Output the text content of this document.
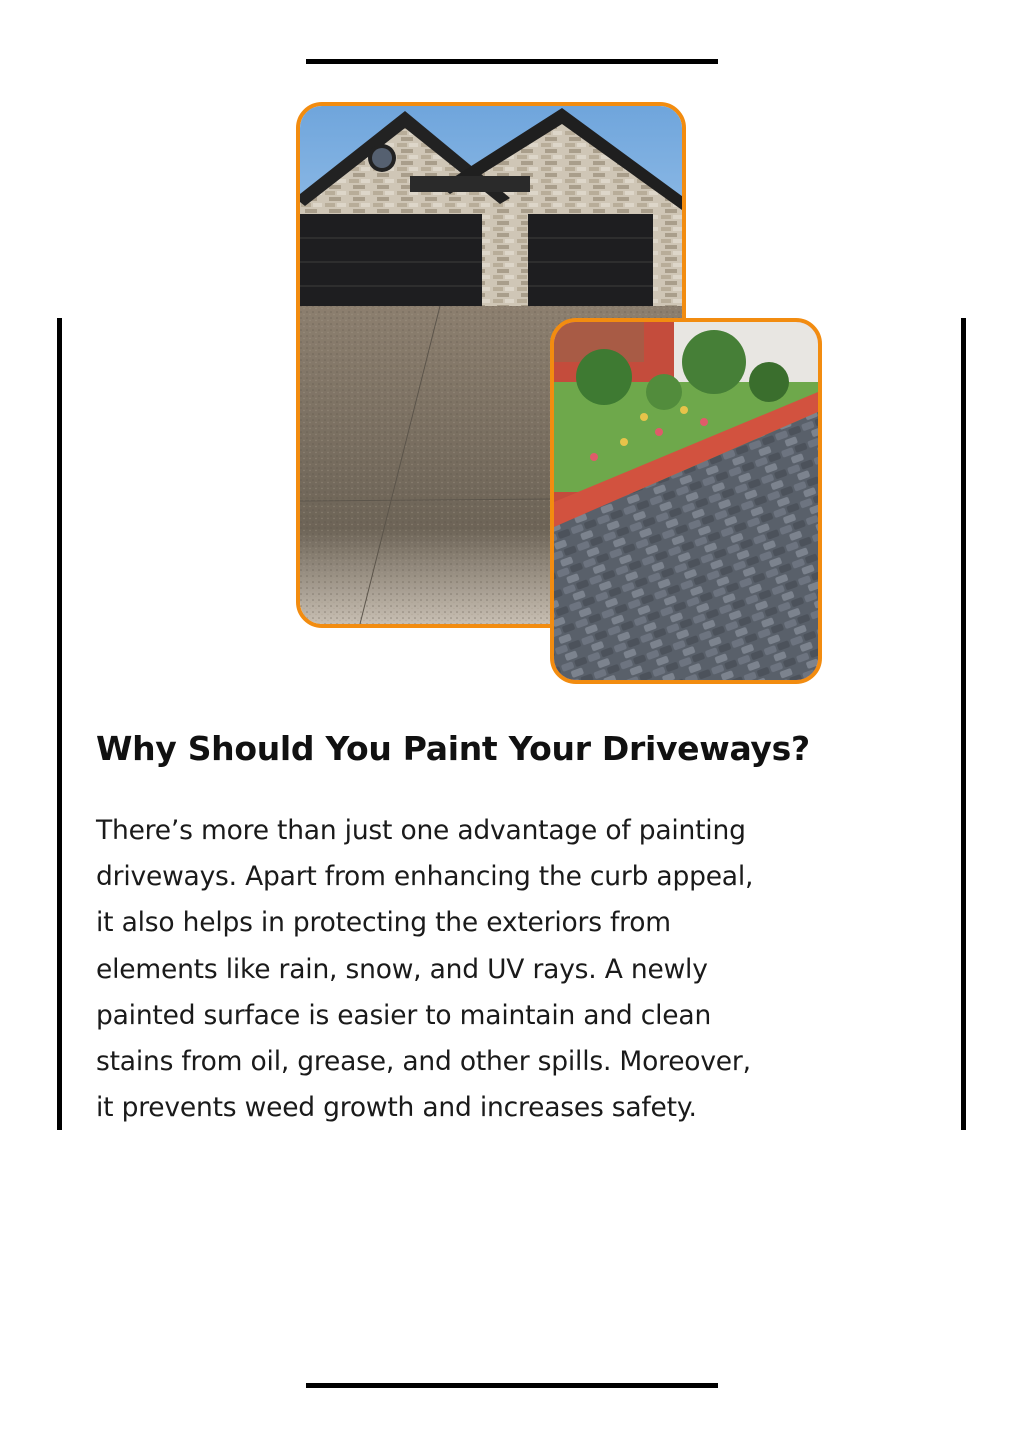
Why Should You Paint Your Driveways?

There’s more than just one advantage of painting
driveways. Apart from enhancing the curb appeal,
it also helps in protecting the exteriors from
elements like rain, snow, and UV rays. A newly
painted surface is easier to maintain and clean
stains from oil, grease, and other spills. Moreover,
it prevents weed growth and increases safety.
